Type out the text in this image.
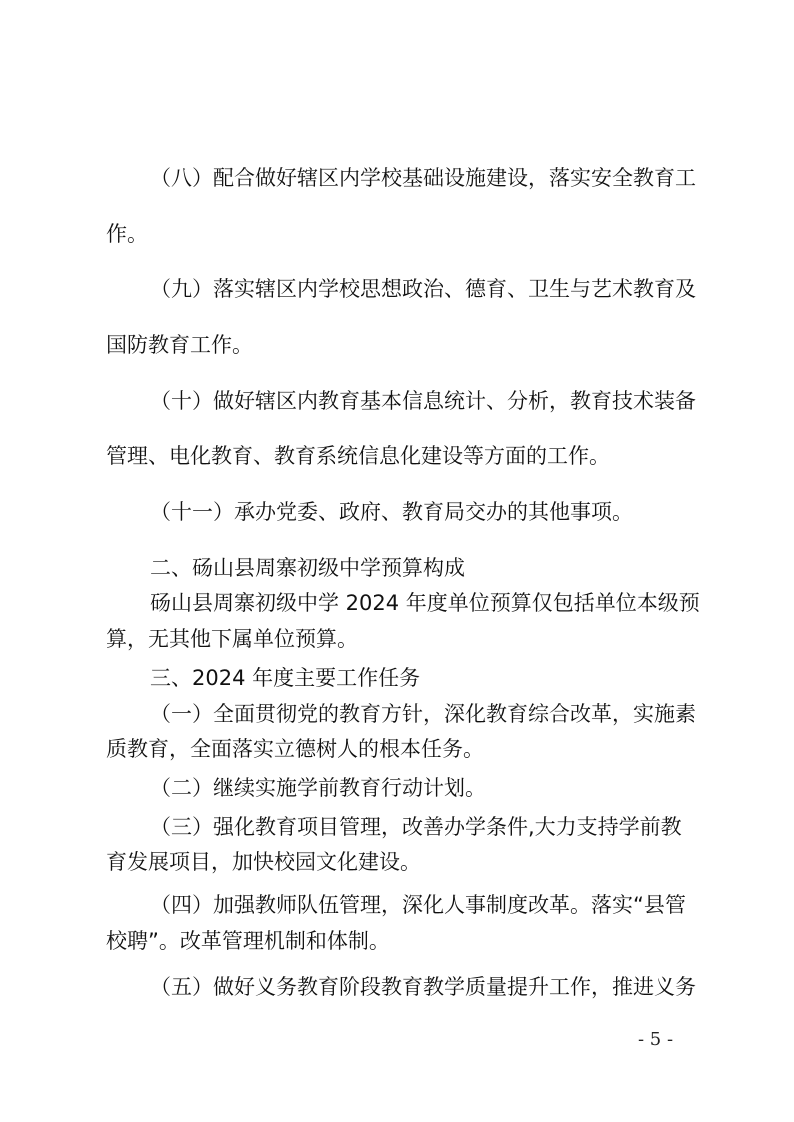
（八）配合做好辖区内学校基础设施建设，落实安全教育工

作。

（九）落实辖区内学校思想政治、德育、卫生与艺术教育及

国防教育工作。

（十）做好辖区内教育基本信息统计、分析，教育技术装备

管理、电化教育、教育系统信息化建设等方面的工作。

（十一）承办党委、政府、教育局交办的其他事项。

二、砀山县周寨初级中学预算构成

砀山县周寨初级中学 2024 年度单位预算仅包括单位本级预

算，无其他下属单位预算。

三、2024 年度主要工作任务

（一）全面贯彻党的教育方针，深化教育综合改革，实施素

质教育，全面落实立德树人的根本任务。

（二）继续实施学前教育行动计划。

（三）强化教育项目管理，改善办学条件,大力支持学前教

育发展项目，加快校园文化建设。

（四）加强教师队伍管理，深化人事制度改革。落实“县管

校聘”。改革管理机制和体制。

（五）做好义务教育阶段教育教学质量提升工作，推进义务

- 5 -
